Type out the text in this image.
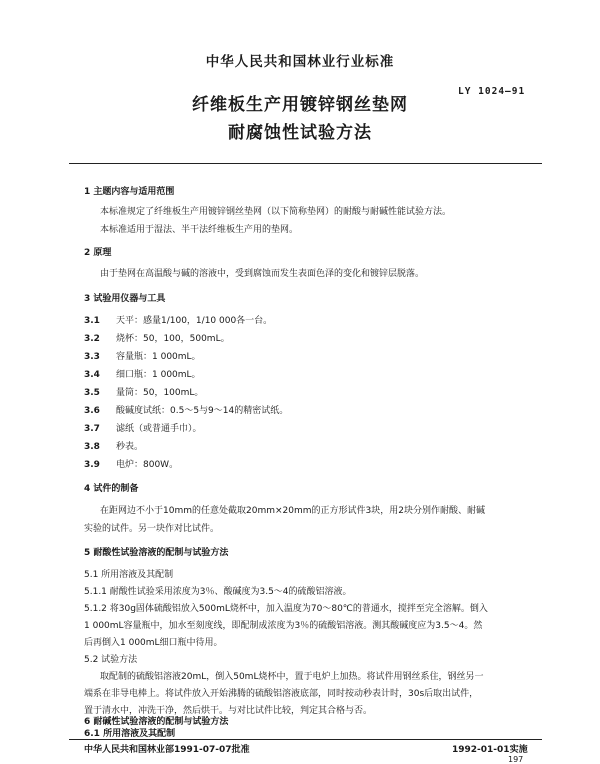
中华人民共和国林业行业标准
LY 1024—91
纤维板生产用镀锌钢丝垫网
耐腐蚀性试验方法
1 主题内容与适用范围
本标准规定了纤维板生产用镀锌钢丝垫网（以下简称垫网）的耐酸与耐碱性能试验方法。
本标准适用于湿法、半干法纤维板生产用的垫网。
2 原理
由于垫网在高温酸与碱的溶液中，受到腐蚀而发生表面色泽的变化和镀锌层脱落。
3 试验用仪器与工具
3.1 天平：感量1/100，1/10 000各一台。
3.2 烧杯：50，100，500mL。
3.3 容量瓶：1 000mL。
3.4 细口瓶：1 000mL。
3.5 量筒：50，100mL。
3.6 酸碱度试纸：0.5～5与9～14的精密试纸。
3.7 滤纸（或普通手巾）。
3.8 秒表。
3.9 电炉：800W。
4 试件的制备
在距网边不小于10mm的任意处截取20mm×20mm的正方形试件3块，用2块分别作耐酸、耐碱
实验的试件。另一块作对比试件。
5 耐酸性试验溶液的配制与试验方法
5.1 所用溶液及其配制
5.1.1 耐酸性试验采用浓度为3％、酸碱度为3.5～4的硫酸铝溶液。
5.1.2 将30g固体硫酸铝放入500mL烧杯中，加入温度为70～80℃的普通水，搅拌至完全溶解。倒入
1 000mL容量瓶中，加水至刻度线，即配制成浓度为3％的硫酸铝溶液。测其酸碱度应为3.5～4。然
后再倒入1 000mL细口瓶中待用。
5.2 试验方法
取配制的硫酸铝溶液20mL，倒入50mL烧杯中，置于电炉上加热。将试件用钢丝系住，钢丝另一
端系在非导电棒上。将试件放入开始沸腾的硫酸铝溶液底部，同时按动秒表计时，30s后取出试件，
中华人民共和国林业部1991-07-07批准	1992-01-01实施
197
置于清水中，冲洗干净，然后烘干。与对比试件比较，判定其合格与否。
6 耐碱性试验溶液的配制与试验方法
6.1 所用溶液及其配制
